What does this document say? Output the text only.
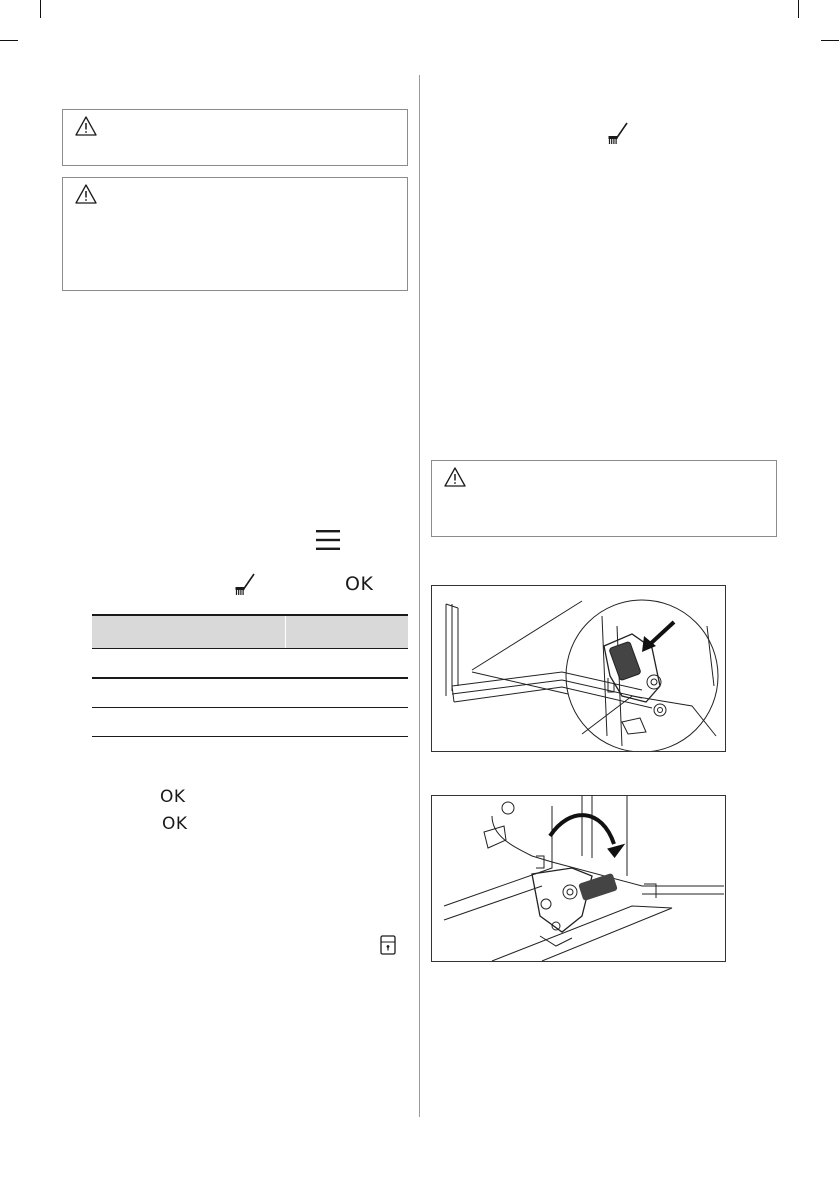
OK
OK
OK
